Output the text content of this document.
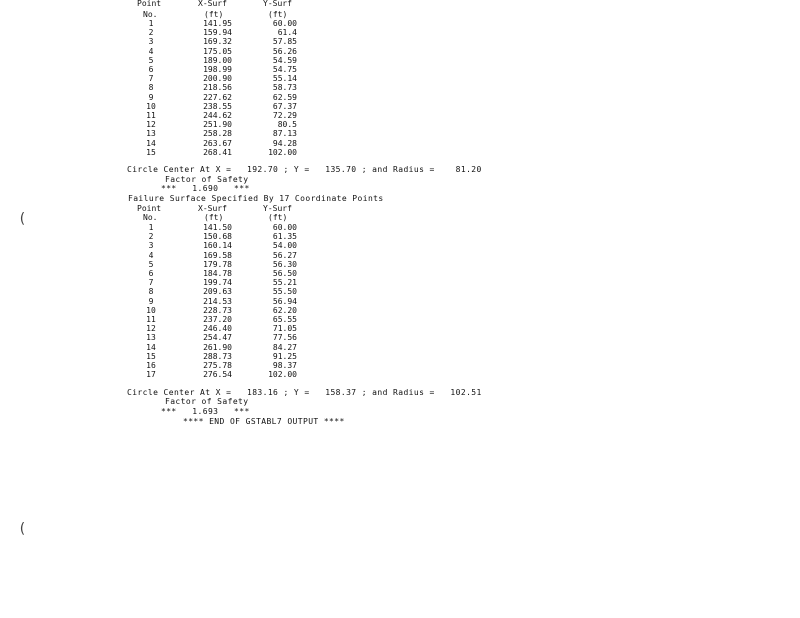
Point	X-Surf	Y-Surf
No.	(ft)	(ft)
1	141.95	60.00
2	159.94	61.4
3	169.32	57.85
4	175.05	56.26
5	189.00	54.59
6	198.99	54.75
7	200.90	55.14
8	218.56	58.73
9	227.62	62.59
10	238.55	67.37
11	244.62	72.29
12	251.90	80.5
13	258.28	87.13
14	263.67	94.28
15	268.41	102.00
Circle Center At X =   192.70 ; Y =   135.70 ; and Radius =    81.20
Factor of Safety
***   1.690   ***
Failure Surface Specified By 17 Coordinate Points
Point	X-Surf	Y-Surf
No.	(ft)	(ft)
1	141.50	60.00
2	150.68	61.35
3	160.14	54.00
4	169.58	56.27
5	179.78	56.30
6	184.78	56.50
7	199.74	55.21
8	209.63	55.50
9	214.53	56.94
10	228.73	62.20
11	237.20	65.55
12	246.40	71.05
13	254.47	77.56
14	261.90	84.27
15	288.73	91.25
16	275.78	98.37
17	276.54	102.00
Circle Center At X =   183.16 ; Y =   158.37 ; and Radius =   102.51
Factor of Safety
***   1.693   ***
**** END OF GSTABL7 OUTPUT ****
(
(
